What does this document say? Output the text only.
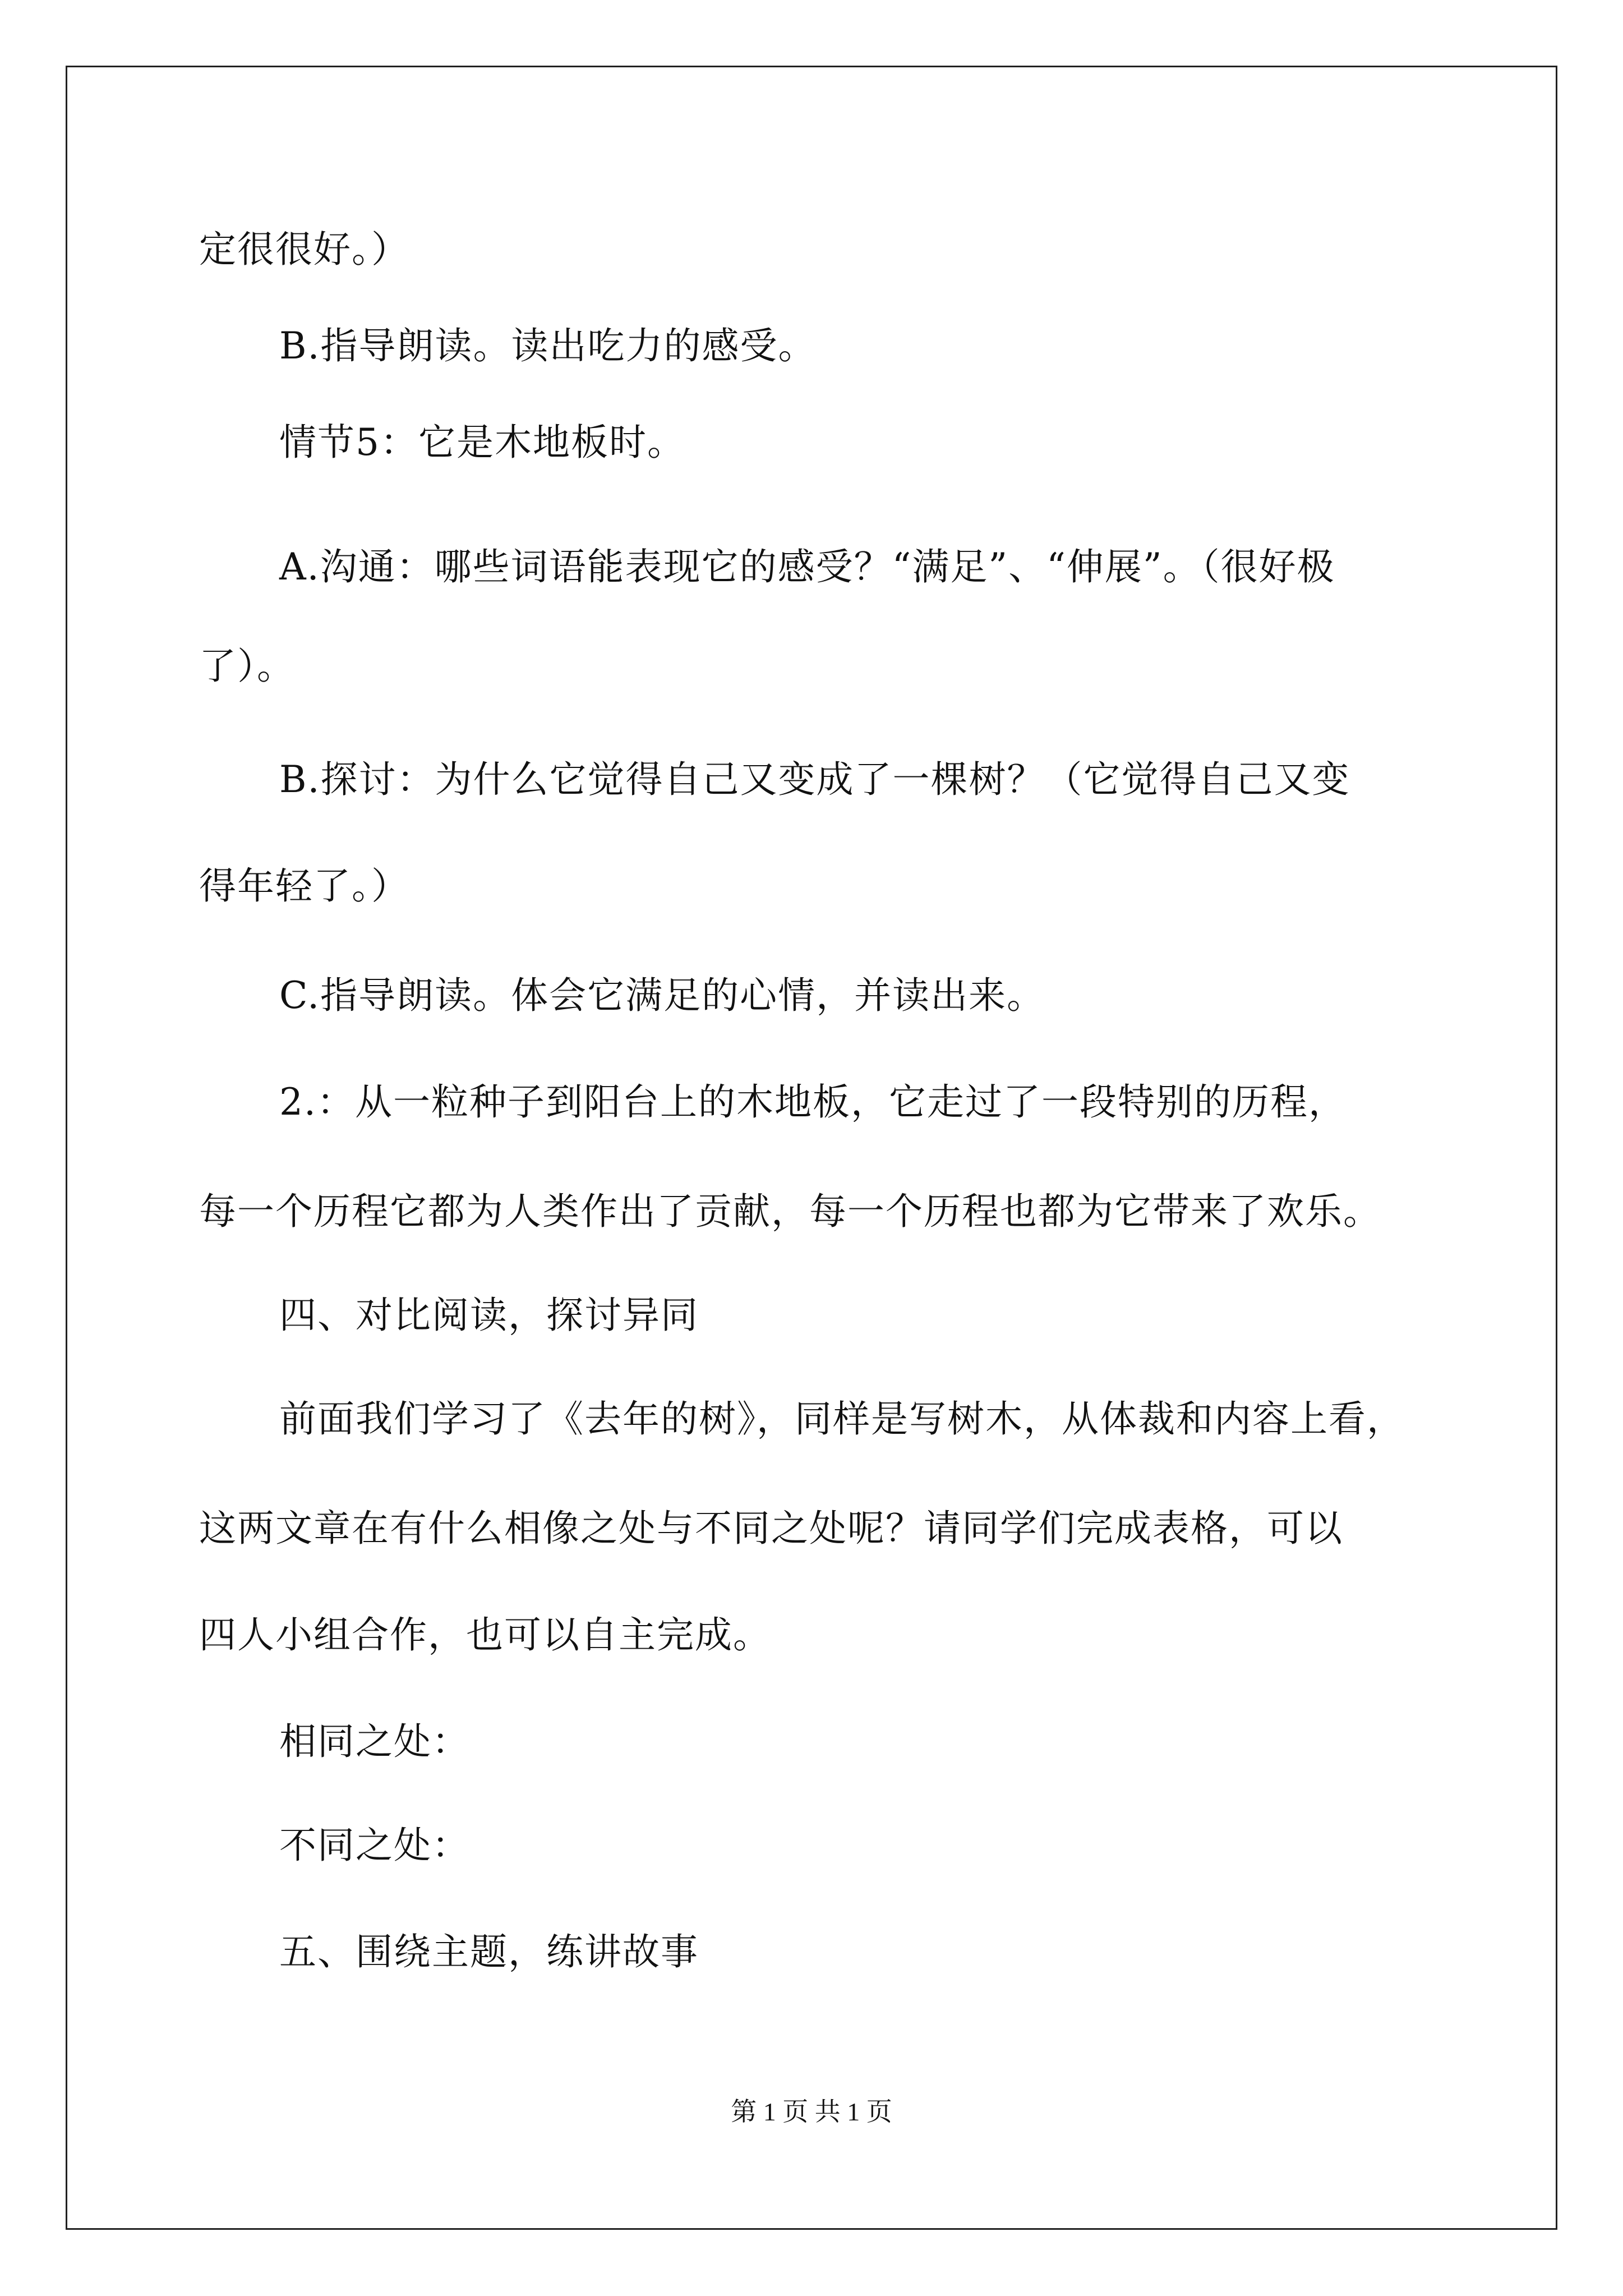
定很很好。）
B.指导朗读。读出吃力的感受。
情节5：它是木地板时。
A.沟通：哪些词语能表现它的感受？“满足”、“伸展”。（很好极
了）。
B.探讨：为什么它觉得自己又变成了一棵树？（它觉得自己又变
得年轻了。）
C.指导朗读。体会它满足的心情，并读出来。
2.：从一粒种子到阳台上的木地板，它走过了一段特别的历程，
每一个历程它都为人类作出了贡献，每一个历程也都为它带来了欢乐。
四、对比阅读，探讨异同
前面我们学习了《去年的树》，同样是写树木，从体裁和内容上看，
这两文章在有什么相像之处与不同之处呢？请同学们完成表格，可以
四人小组合作，也可以自主完成。
相同之处：
不同之处：
五、围绕主题，练讲故事
第 1 页 共 1 页
